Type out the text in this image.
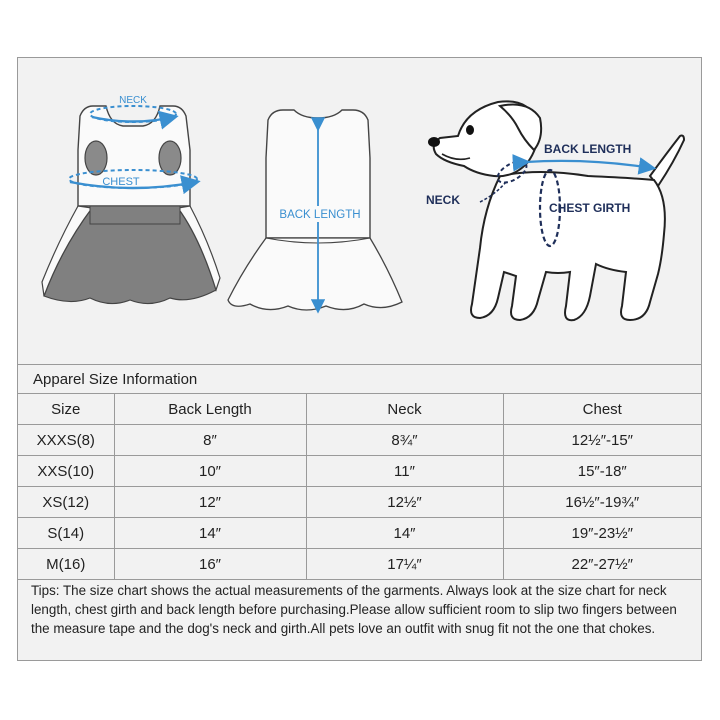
NECK
CHEST
BACK LENGTH
NECK
CHEST GIRTH
BACK LENGTH
Apparel Size Information
Size	Back Length	Neck	Chest
XXXS(8)	8″	8¾″	12½″-15″
XXS(10)	10″	11″	15″-18″
XS(12)	12″	12½″	16½″-19¾″
S(14)	14″	14″	19″-23½″
M(16)	16″	17¼″	22″-27½″
Tips: The size chart shows the actual measurements of the garments. Always look at the size chart for neck length, chest girth and back length before purchasing.Please allow sufficient room to slip two fingers between the measure tape and the dog's neck and girth.All pets love an outfit with snug fit not the one that chokes.
